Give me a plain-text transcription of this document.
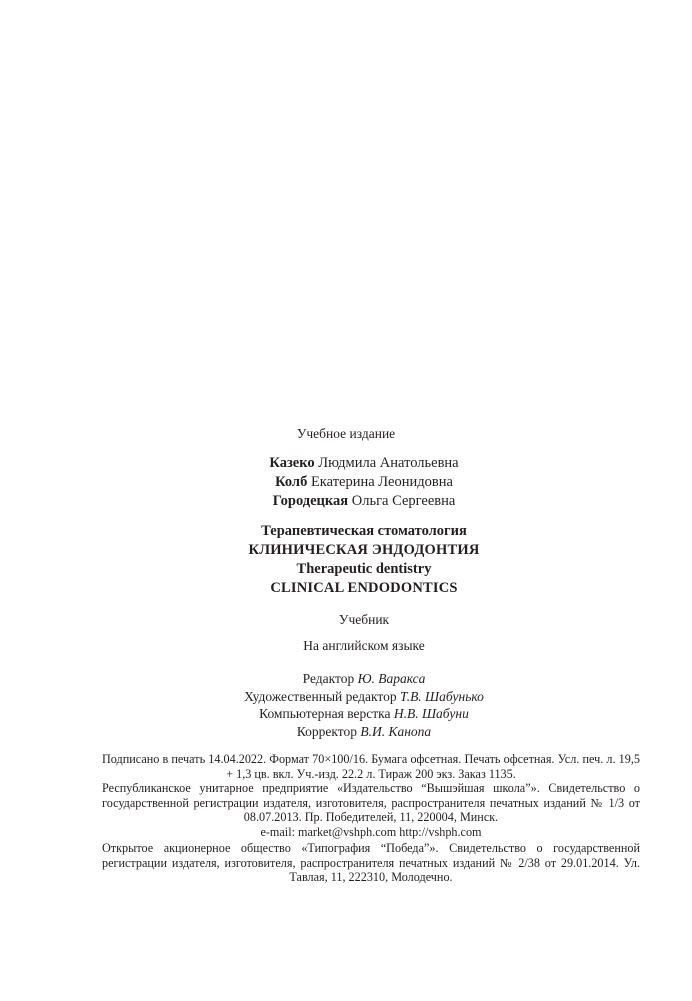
Учебное издание
Казеко Людмила Анатольевна
Колб Екатерина Леонидовна
Городецкая Ольга Сергеевна
Терапевтическая стоматология
КЛИНИЧЕСКАЯ ЭНДОДОНТИЯ
Therapeutic dentistry
CLINICAL ENDODONTICS
Учебник
На английском языке
Редактор Ю. Вараксa
Художественный редактор Т.В. Шабунько
Компьютерная верстка Н.В. Шабуни
Корректор В.И. Канопа

Подписано в печать 14.04.2022. Формат 70×100/16. Бумага офсетная. Печать офсетная. Усл. печ. л. 19,5 + 1,3 цв. вкл. Уч.-изд. 22.2 л. Тираж 200 экз. Заказ 1135.

Республиканское унитарное предприятие «Издательство “Вышэйшая школа”». Свидетельство о государственной регистрации издателя, изготовителя, распространителя печатных изданий № 1/3 от 08.07.2013. Пр. Победителей, 11, 220004, Минск.

e-mail: market@vshph.com http://vshph.com

Открытое акционерное общество «Типография “Победа”». Свидетельство о государственной регистрации издателя, изготовителя, распространителя печатных изданий № 2/38 от 29.01.2014. Ул. Тавлая, 11, 222310, Молодечно.
